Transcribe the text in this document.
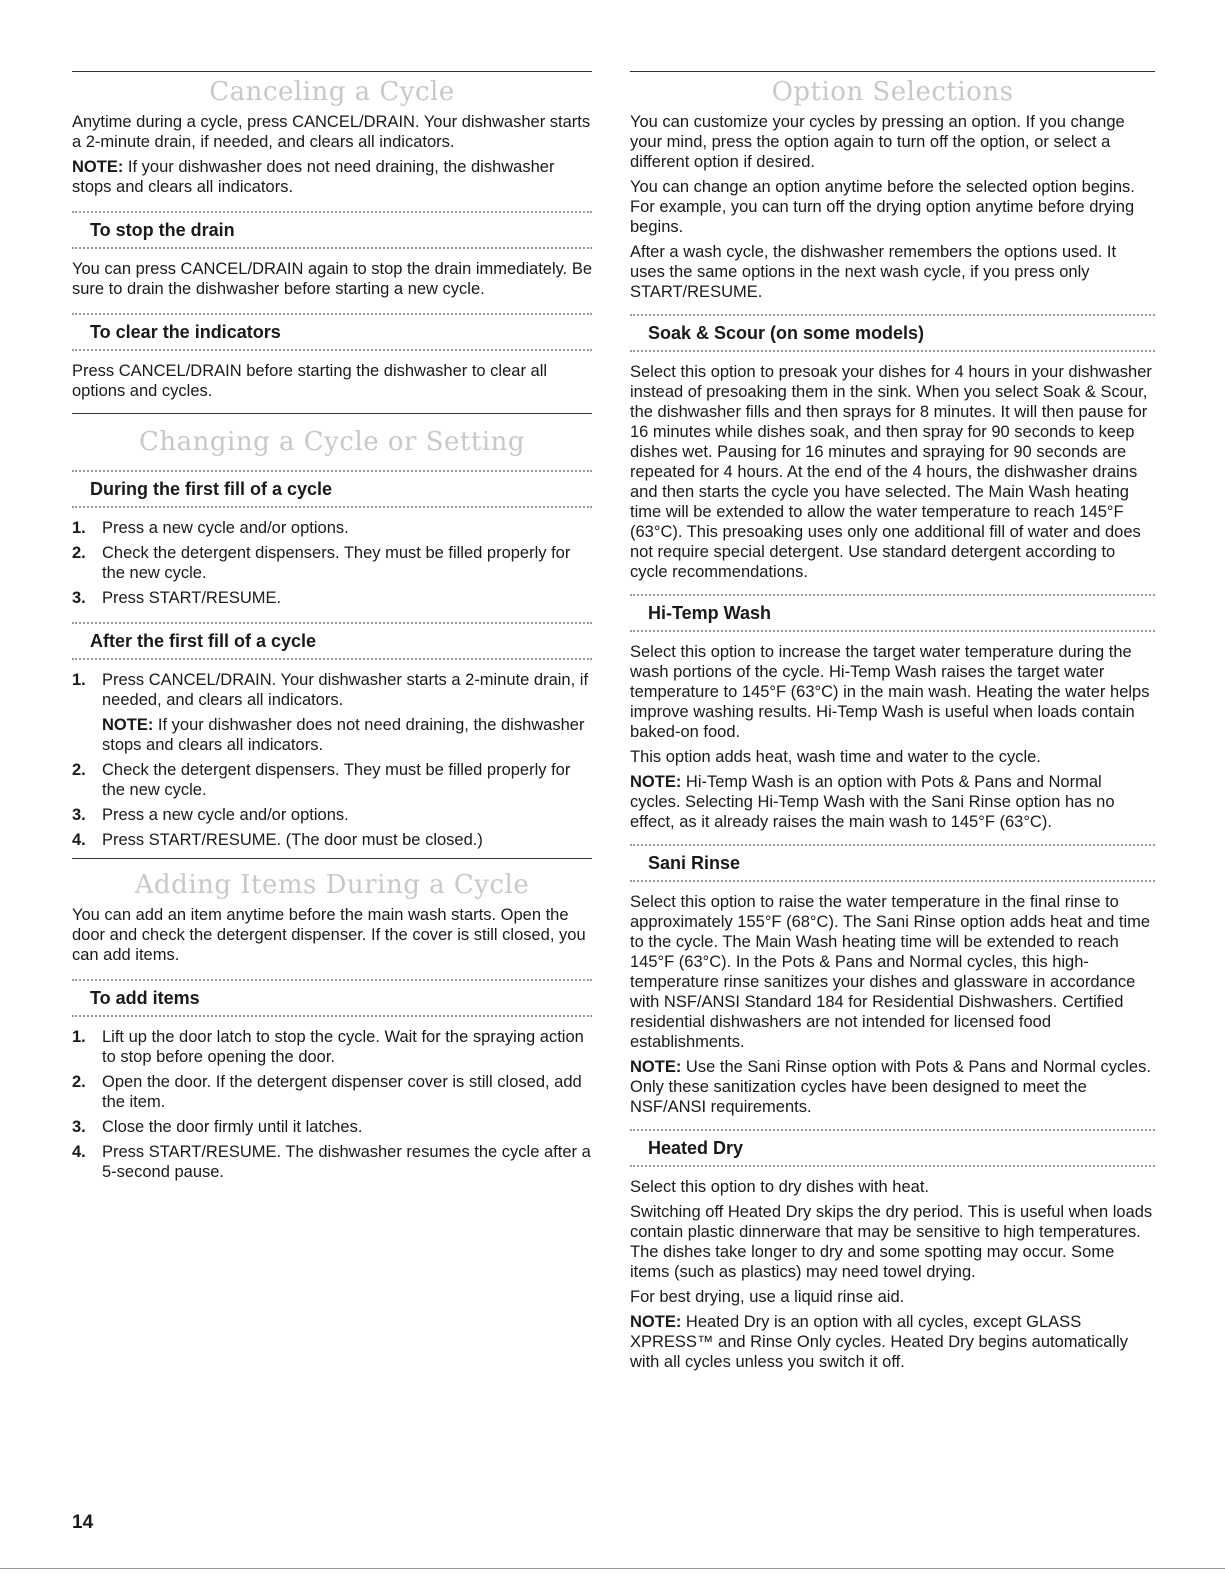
Canceling a Cycle

Anytime during a cycle, press CANCEL/DRAIN. Your dishwasher starts a 2-minute drain, if needed, and clears all indicators.

NOTE: If your dishwasher does not need draining, the dishwasher stops and clears all indicators.

To stop the drain

You can press CANCEL/DRAIN again to stop the drain immediately. Be sure to drain the dishwasher before starting a new cycle.

To clear the indicators

Press CANCEL/DRAIN before starting the dishwasher to clear all options and cycles.

Changing a Cycle or Setting
During the first fill of a cycle
1. Press a new cycle and/or options.
2. Check the detergent dispensers. They must be filled properly for the new cycle.
3. Press START/RESUME.
After the first fill of a cycle
1. Press CANCEL/DRAIN. Your dishwasher starts a 2-minute drain, if needed, and clears all indicators.
NOTE: If your dishwasher does not need draining, the dishwasher stops and clears all indicators.
2. Check the detergent dispensers. They must be filled properly for the new cycle.
3. Press a new cycle and/or options.
4. Press START/RESUME. (The door must be closed.)
Adding Items During a Cycle

You can add an item anytime before the main wash starts. Open the door and check the detergent dispenser. If the cover is still closed, you can add items.

To add items
1. Lift up the door latch to stop the cycle. Wait for the spraying action to stop before opening the door.
2. Open the door. If the detergent dispenser cover is still closed, add the item.
3. Close the door firmly until it latches.
4. Press START/RESUME. The dishwasher resumes the cycle after a 5-second pause.
Option Selections

You can customize your cycles by pressing an option. If you change your mind, press the option again to turn off the option, or select a different option if desired.

You can change an option anytime before the selected option begins. For example, you can turn off the drying option anytime before drying begins.

After a wash cycle, the dishwasher remembers the options used. It uses the same options in the next wash cycle, if you press only START/RESUME.

Soak & Scour (on some models)

Select this option to presoak your dishes for 4 hours in your dishwasher instead of presoaking them in the sink. When you select Soak & Scour, the dishwasher fills and then sprays for 8 minutes. It will then pause for 16 minutes while dishes soak, and then spray for 90 seconds to keep dishes wet. Pausing for 16 minutes and spraying for 90 seconds are repeated for 4 hours. At the end of the 4 hours, the dishwasher drains and then starts the cycle you have selected. The Main Wash heating time will be extended to allow the water temperature to reach 145°F (63°C). This presoaking uses only one additional fill of water and does not require special detergent. Use standard detergent according to cycle recommendations.

Hi-Temp Wash

Select this option to increase the target water temperature during the wash portions of the cycle. Hi-Temp Wash raises the target water temperature to 145°F (63°C) in the main wash. Heating the water helps improve washing results. Hi-Temp Wash is useful when loads contain baked-on food.

This option adds heat, wash time and water to the cycle.

NOTE: Hi-Temp Wash is an option with Pots & Pans and Normal cycles. Selecting Hi-Temp Wash with the Sani Rinse option has no effect, as it already raises the main wash to 145°F (63°C).

Sani Rinse

Select this option to raise the water temperature in the final rinse to approximately 155°F (68°C). The Sani Rinse option adds heat and time to the cycle. The Main Wash heating time will be extended to reach 145°F (63°C). In the Pots & Pans and Normal cycles, this high-temperature rinse sanitizes your dishes and glassware in accordance with NSF/ANSI Standard 184 for Residential Dishwashers. Certified residential dishwashers are not intended for licensed food establishments.

NOTE: Use the Sani Rinse option with Pots & Pans and Normal cycles. Only these sanitization cycles have been designed to meet the NSF/ANSI requirements.

Heated Dry

Select this option to dry dishes with heat.

Switching off Heated Dry skips the dry period. This is useful when loads contain plastic dinnerware that may be sensitive to high temperatures. The dishes take longer to dry and some spotting may occur. Some items (such as plastics) may need towel drying.

For best drying, use a liquid rinse aid.

NOTE: Heated Dry is an option with all cycles, except GLASS XPRESS™ and Rinse Only cycles. Heated Dry begins automatically with all cycles unless you switch it off.

14
